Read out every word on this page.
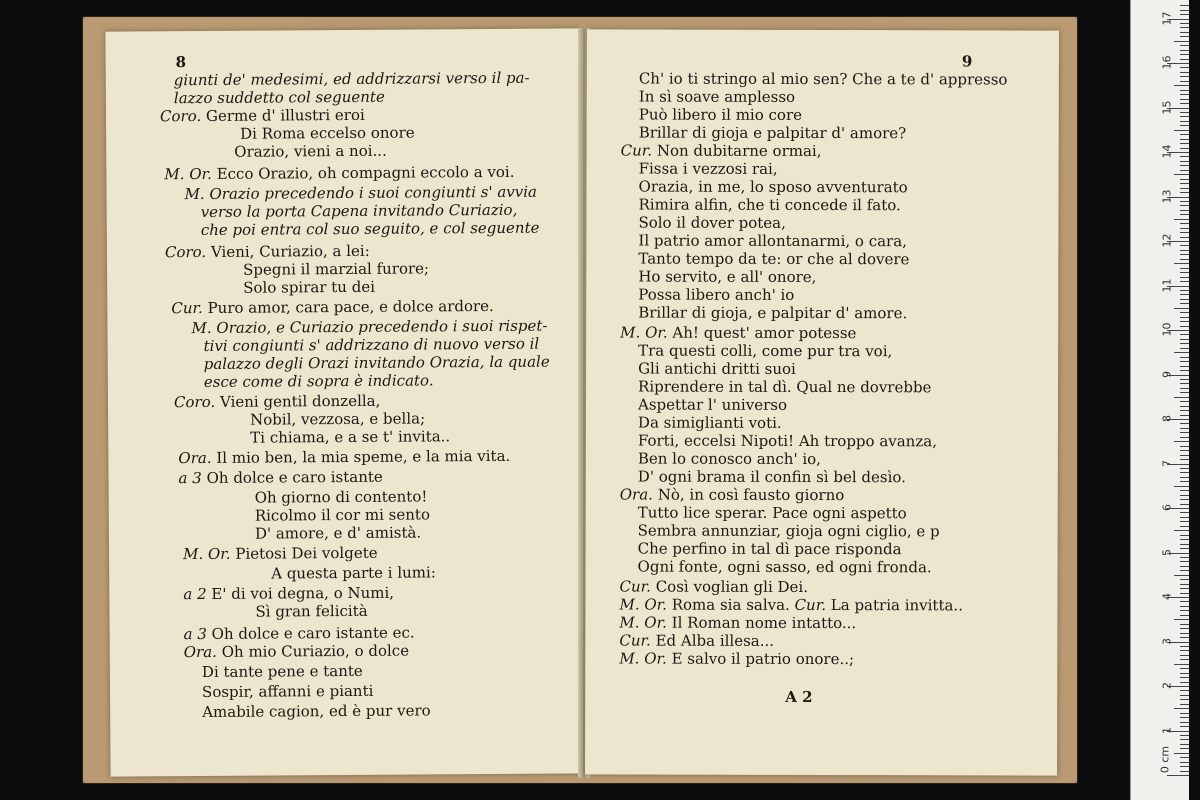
8
giunti de' medesimi, ed addrizzarsi verso il pa-
lazzo suddetto col seguente
Coro. Germe d' illustri eroi
Di Roma eccelso onore
Orazio, vieni a noi...
M. Or. Ecco Orazio, oh compagni eccolo a voi.
M. Orazio precedendo i suoi congiunti s' avvia
verso la porta Capena invitando Curiazio,
che poi entra col suo seguito, e col seguente
Coro. Vieni, Curiazio, a lei:
Spegni il marzial furore;
Solo spirar tu dei
Cur. Puro amor, cara pace, e dolce ardore.
M. Orazio, e Curiazio precedendo i suoi rispet-
tivi congiunti s' addrizzano di nuovo verso il
palazzo degli Orazi invitando Orazia, la quale
esce come di sopra è indicato.
Coro. Vieni gentil donzella,
Nobil, vezzosa, e bella;
Ti chiama, e a se t' invita..
Ora. Il mio ben, la mia speme, e la mia vita.
a 3 Oh dolce e caro istante
Oh giorno di contento!
Ricolmo il cor mi sento
D' amore, e d' amistà.
M. Or. Pietosi Dei volgete
A questa parte i lumi:
a 2 E' di voi degna, o Numi,
Sì gran felicità
a 3 Oh dolce e caro istante ec.
Ora. Oh mio Curiazio, o dolce
Di tante pene e tante
Sospir, affanni e pianti
Amabile cagion, ed è pur vero
9
Ch' io ti stringo al mio sen? Che a te d' appresso
In sì soave amplesso
Può libero il mio core
Brillar di gioja e palpitar d' amore?
Cur. Non dubitarne ormai,
Fissa i vezzosi rai,
Orazia, in me, lo sposo avventurato
Rimira alfin, che ti concede il fato.
Solo il dover potea,
Il patrio amor allontanarmi, o cara,
Tanto tempo da te: or che al dovere
Ho servito, e all' onore,
Possa libero anch' io
Brillar di gioja, e palpitar d' amore.
M. Or. Ah! quest' amor potesse
Tra questi colli, come pur tra voi,
Gli antichi dritti suoi
Riprendere in tal dì. Qual ne dovrebbe
Aspettar l' universo
Da simiglianti voti.
Forti, eccelsi Nipoti! Ah troppo avanza,
Ben lo conosco anch' io,
D' ogni brama il confin sì bel desìo.
Ora. Nò, in così fausto giorno
Tutto lice sperar. Pace ogni aspetto
Sembra annunziar, gioja ogni ciglio, e p
Che perfino in tal dì pace risponda
Ogni fonte, ogni sasso, ed ogni fronda.
Cur. Così voglian gli Dei.
M. Or. Roma sia salva. Cur. La patria invitta..
M. Or. Il Roman nome intatto...
Cur. Ed Alba illesa...
M. Or. E salvo il patrio onore..;
A 2
0 cm
1
2
3
4
5
6
7
8
9
10
11
12
13
14
15
16
17
